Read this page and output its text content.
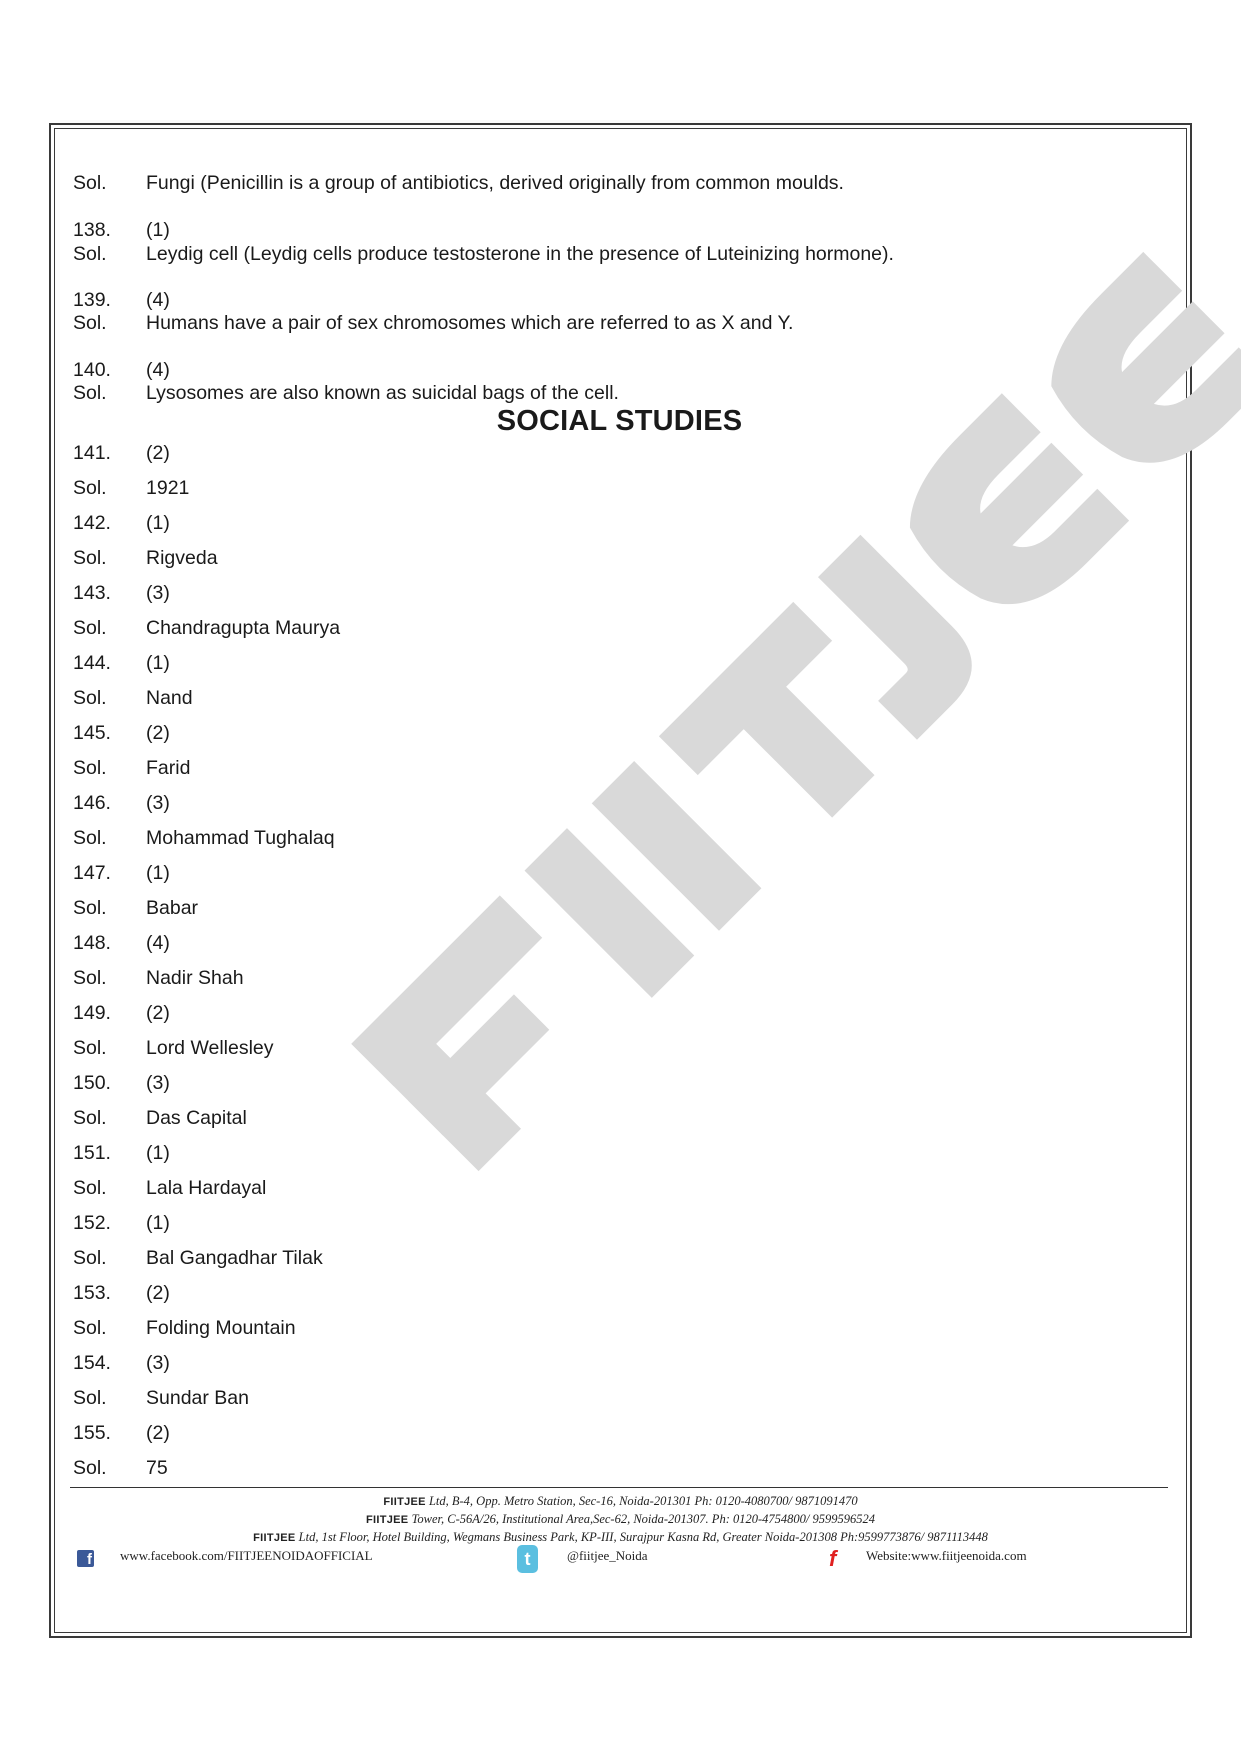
Sol.	Fungi (Penicillin is a group of antibiotics, derived originally from common moulds.
138.	(1)
Sol.	Leydig cell (Leydig cells produce testosterone in the presence of Luteinizing hormone).
139.	(4)
Sol.	Humans have a pair of sex chromosomes which are referred to as X and Y.
140.	(4)
Sol.	Lysosomes are also known as suicidal bags of the cell.
141.	(2)
Sol.	1921
142.	(1)
Sol.	Rigveda
143.	(3)
Sol.	Chandragupta Maurya
144.	(1)
Sol.	Nand
145.	(2)
Sol.	Farid
146.	(3)
Sol.	Mohammad Tughalaq
147.	(1)
Sol.	Babar
148.	(4)
Sol.	Nadir Shah
149.	(2)
Sol.	Lord Wellesley
150.	(3)
Sol.	Das Capital
151.	(1)
Sol.	Lala Hardayal
152.	(1)
Sol.	Bal Gangadhar Tilak
153.	(2)
Sol.	Folding Mountain
154.	(3)
Sol.	Sundar Ban
155.	(2)
Sol.	75
SOCIAL STUDIES
FIITJEE Ltd, B-4, Opp. Metro Station, Sec-16, Noida-201301 Ph: 0120-4080700/ 9871091470
FIITJEE Tower, C-56A/26, Institutional Area,Sec-62, Noida-201307. Ph: 0120-4754800/ 9599596524
FIITJEE Ltd, 1st Floor, Hotel Building, Wegmans Business Park, KP-III, Surajpur Kasna Rd, Greater Noida-201308 Ph:9599773876/ 9871113448
f www.facebook.com/FIITJEENOIDAOFFICIAL	t	@fiitjee_Noida	f	Website:www.fiitjeenoida.com
